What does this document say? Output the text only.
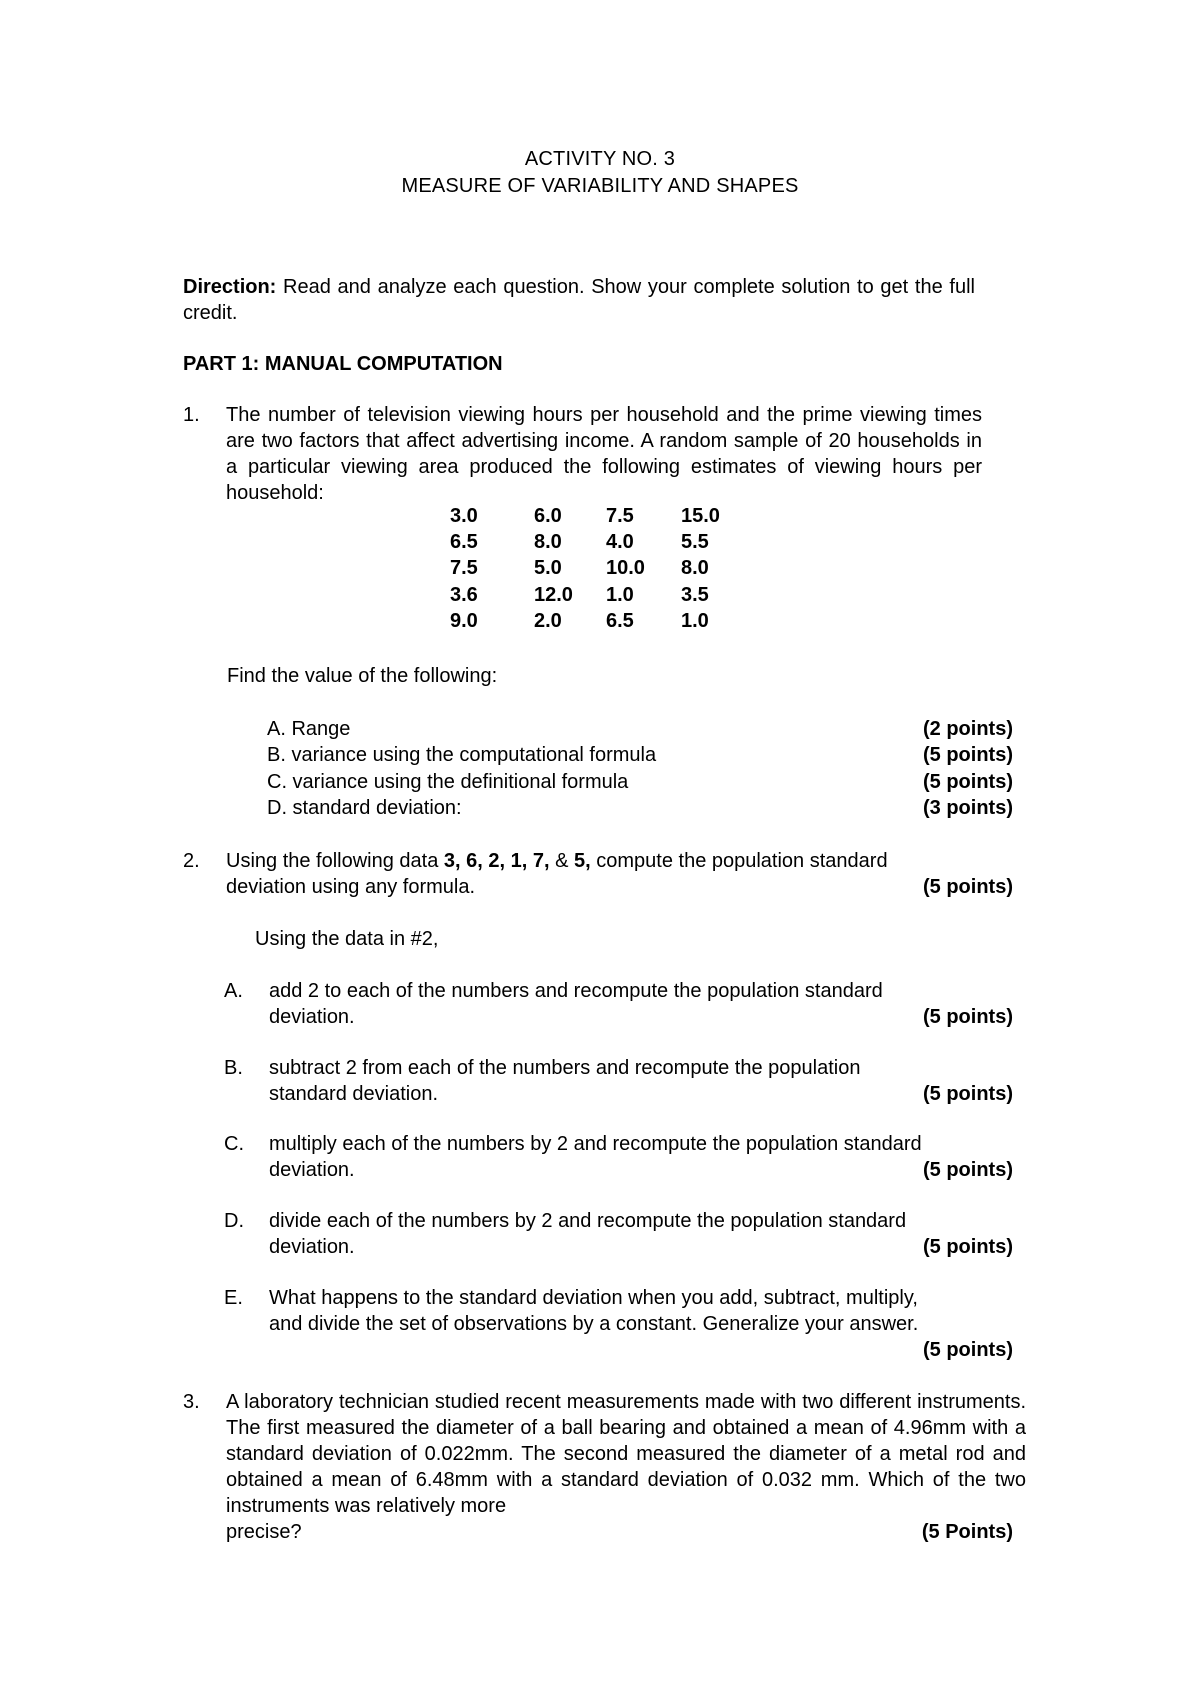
ACTIVITY NO. 3
MEASURE OF VARIABILITY AND SHAPES
Direction: Read and analyze each question. Show your complete solution to get the full credit.
PART 1: MANUAL COMPUTATION
1. The number of television viewing hours per household and the prime viewing times are two factors that affect advertising income. A random sample of 20 households in a particular viewing area produced the following estimates of viewing hours per household:
3.0	6.0	7.5	15.0
6.5	8.0	4.0	5.5
7.5	5.0	10.0	8.0
3.6	12.0	1.0	3.5
9.0	2.0	6.5	1.0
Find the value of the following:
A. Range	(2 points)
B. variance using the computational formula	(5 points)
C. variance using the definitional formula	(5 points)
D. standard deviation:	(3 points)
2. Using the following data 3, 6, 2, 1, 7, & 5, compute the population standard
deviation using any formula.	(5 points)
Using the data in #2,
A. add 2 to each of the numbers and recompute the population standard
deviation.	(5 points)
B. subtract 2 from each of the numbers and recompute the population
standard deviation.	(5 points)
C. multiply each of the numbers by 2 and recompute the population standard
deviation.	(5 points)
D. divide each of the numbers by 2 and recompute the population standard
deviation.	(5 points)
E. What happens to the standard deviation when you add, subtract, multiply,
and divide the set of observations by a constant. Generalize your answer.
(5 points)
3. A laboratory technician studied recent measurements made with two different instruments. The first measured the diameter of a ball bearing and obtained a mean of 4.96mm with a standard deviation of 0.022mm. The second measured the diameter of a metal rod and obtained a mean of 6.48mm with a standard deviation of 0.032 mm. Which of the two instruments was relatively more
precise?	(5 Points)
